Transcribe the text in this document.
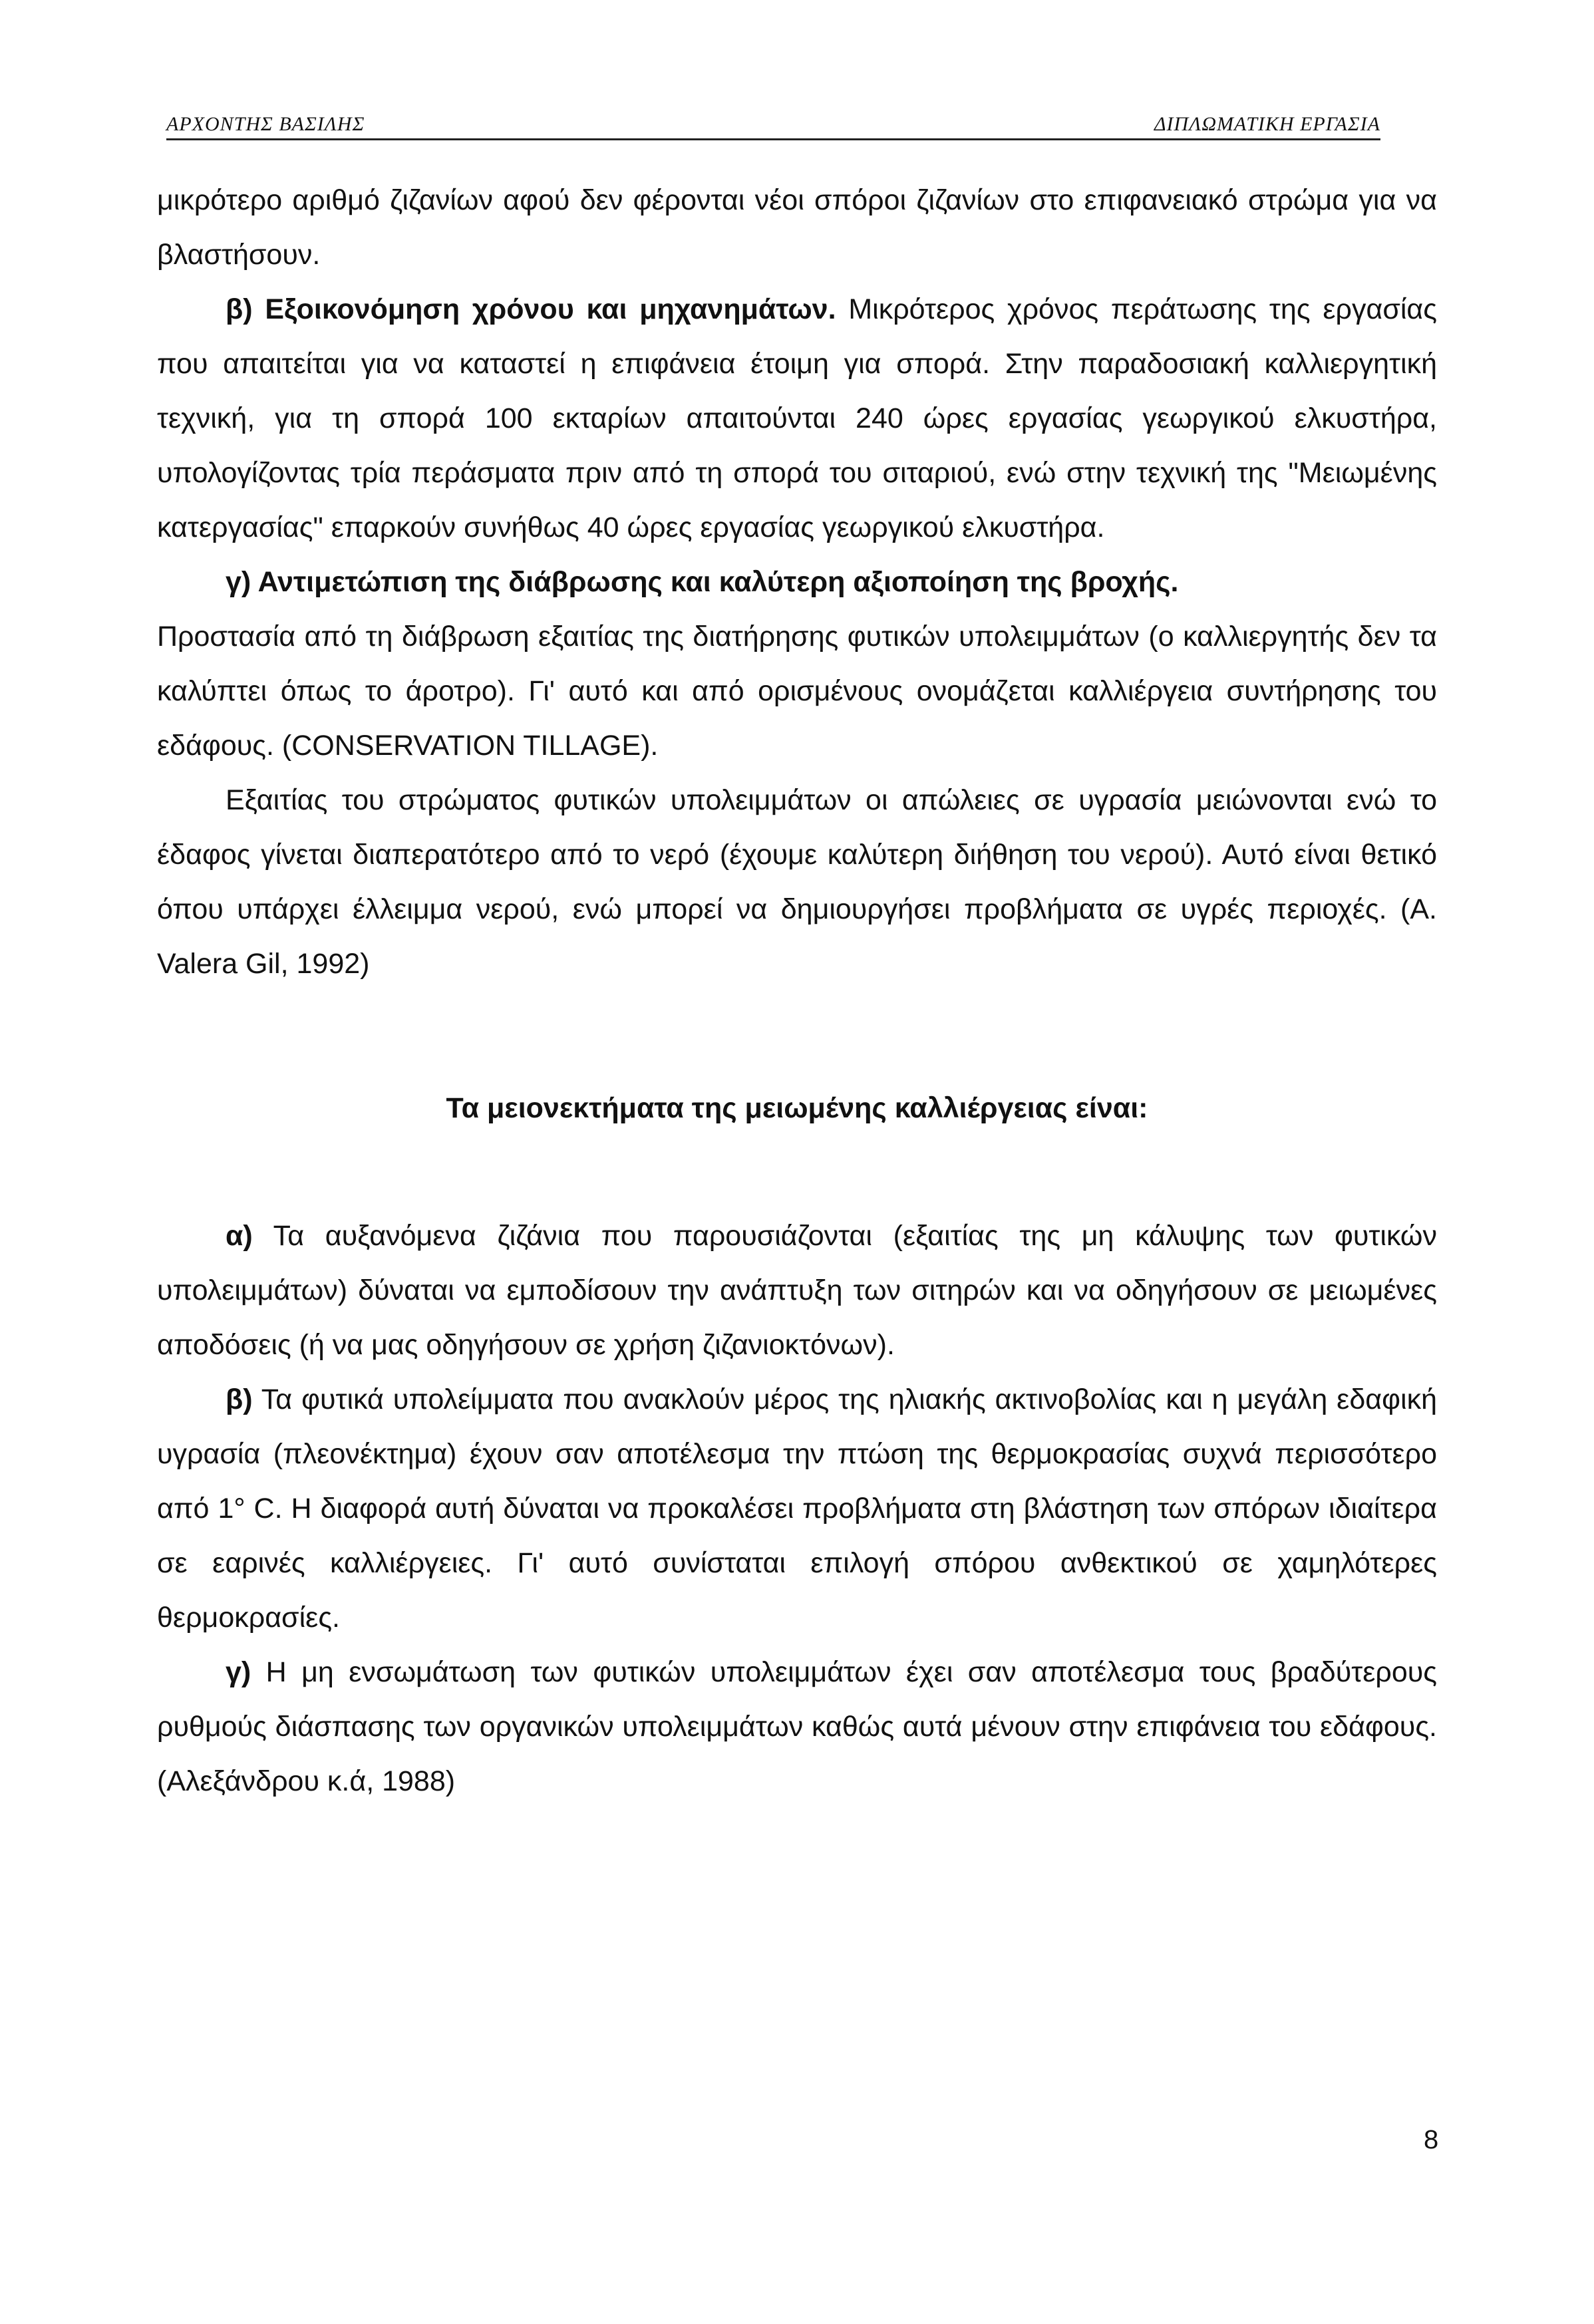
ΑΡΧΟΝΤΗΣ ΒΑΣΙΛΗΣ	ΔΙΠΛΩΜΑΤΙΚΗ ΕΡΓΑΣΙΑ

μικρότερο αριθμό ζιζανίων αφού δεν φέρονται νέοι σπόροι ζιζανίων στο επιφανειακό στρώμα για να βλαστήσουν.

β) Εξοικονόμηση χρόνου και μηχανημάτων. Μικρότερος χρόνος περάτωσης της εργασίας που απαιτείται για να καταστεί η επιφάνεια έτοιμη για σπορά. Στην παραδοσιακή καλλιεργητική τεχνική, για τη σπορά 100 εκταρίων απαιτούνται 240 ώρες εργασίας γεωργικού ελκυστήρα, υπολογίζοντας τρία περάσματα πριν από τη σπορά του σιταριού, ενώ στην τεχνική της "Μειωμένης κατεργασίας" επαρκούν συνήθως 40 ώρες εργασίας γεωργικού ελκυστήρα.

γ) Αντιμετώπιση της διάβρωσης και καλύτερη αξιοποίηση της βροχής.

Προστασία από τη διάβρωση εξαιτίας της διατήρησης φυτικών υπολειμμάτων (ο καλλιεργητής δεν τα καλύπτει όπως το άροτρο). Γι' αυτό και από ορισμένους ονομάζεται καλλιέργεια συντήρησης του εδάφους. (CONSERVATION TILLAGE).

Εξαιτίας του στρώματος φυτικών υπολειμμάτων οι απώλειες σε υγρασία μειώνονται ενώ το έδαφος γίνεται διαπερατότερο από το νερό (έχουμε καλύτερη διήθηση του νερού). Αυτό είναι θετικό όπου υπάρχει έλλειμμα νερού, ενώ μπορεί να δημιουργήσει προβλήματα σε υγρές περιοχές. (A. Valera Gil, 1992)

Τα μειονεκτήματα της μειωμένης καλλιέργειας είναι:

α) Τα αυξανόμενα ζιζάνια που παρουσιάζονται (εξαιτίας της μη κάλυψης των φυτικών υπολειμμάτων) δύναται να εμποδίσουν την ανάπτυξη των σιτηρών και να οδηγήσουν σε μειωμένες αποδόσεις (ή να μας οδηγήσουν σε χρήση ζιζανιοκτόνων).

β) Τα φυτικά υπολείμματα που ανακλούν μέρος της ηλιακής ακτινοβολίας και η μεγάλη εδαφική υγρασία (πλεονέκτημα) έχουν σαν αποτέλεσμα την πτώση της θερμοκρασίας συχνά περισσότερο από 1° C. Η διαφορά αυτή δύναται να προκαλέσει προβλήματα στη βλάστηση των σπόρων ιδιαίτερα σε εαρινές καλλιέργειες. Γι' αυτό συνίσταται επιλογή σπόρου ανθεκτικού σε χαμηλότερες θερμοκρασίες.

γ) Η μη ενσωμάτωση των φυτικών υπολειμμάτων έχει σαν αποτέλεσμα τους βραδύτερους ρυθμούς διάσπασης των οργανικών υπολειμμάτων καθώς αυτά μένουν στην επιφάνεια του εδάφους. (Αλεξάνδρου κ.ά, 1988)

8
